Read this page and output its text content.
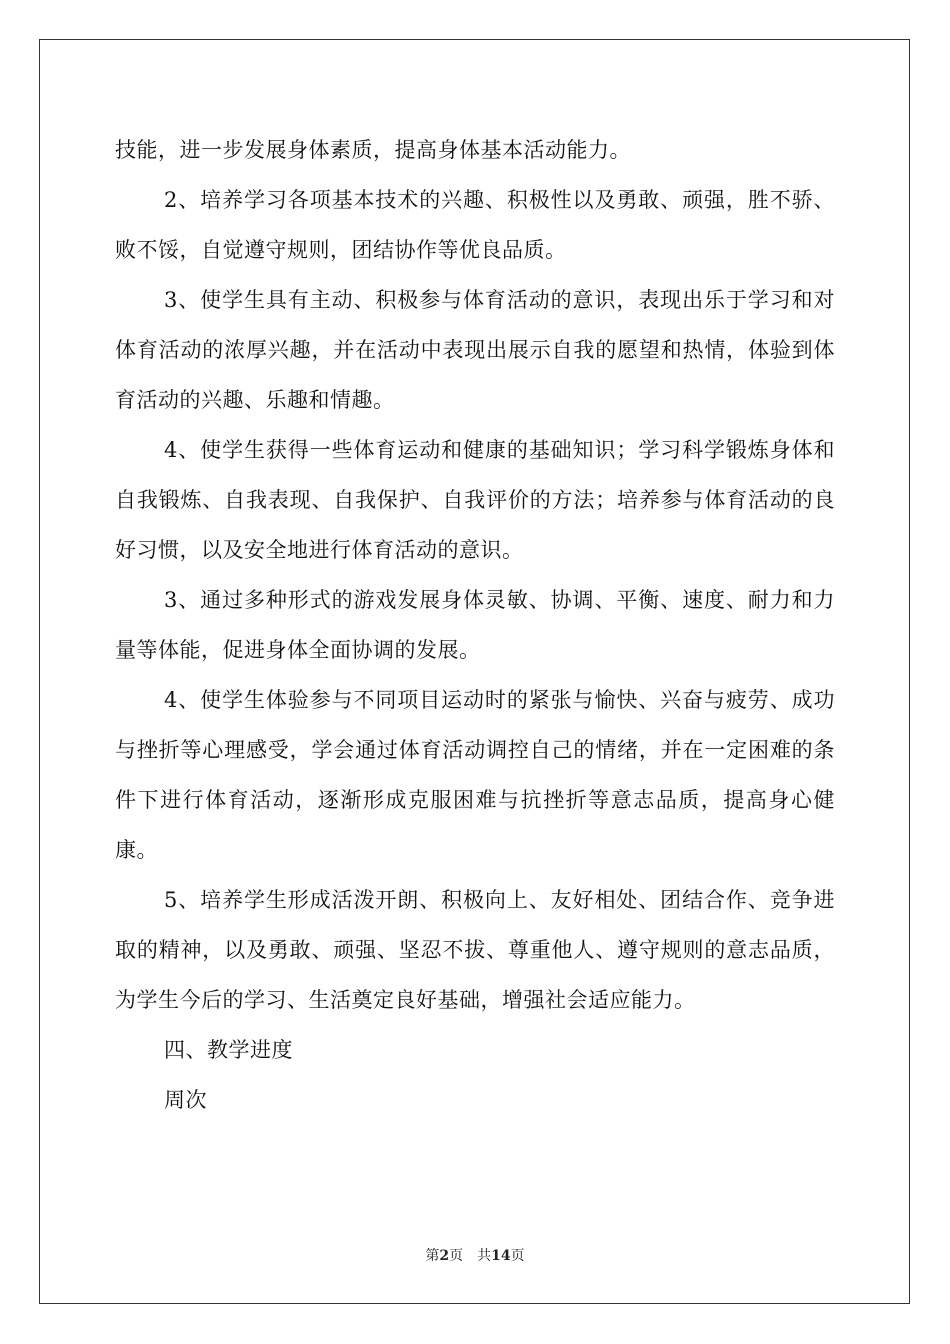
技能，进一步发展身体素质，提高身体基本活动能力。

2、培养学习各项基本技术的兴趣、积极性以及勇敢、顽强，胜不骄、败不馁，自觉遵守规则，团结协作等优良品质。

3、使学生具有主动、积极参与体育活动的意识，表现出乐于学习和对体育活动的浓厚兴趣，并在活动中表现出展示自我的愿望和热情，体验到体育活动的兴趣、乐趣和情趣。

4、使学生获得一些体育运动和健康的基础知识；学习科学锻炼身体和自我锻炼、自我表现、自我保护、自我评价的方法；培养参与体育活动的良好习惯，以及安全地进行体育活动的意识。

3、通过多种形式的游戏发展身体灵敏、协调、平衡、速度、耐力和力量等体能，促进身体全面协调的发展。

4、使学生体验参与不同项目运动时的紧张与愉快、兴奋与疲劳、成功与挫折等心理感受，学会通过体育活动调控自己的情绪，并在一定困难的条件下进行体育活动，逐渐形成克服困难与抗挫折等意志品质，提高身心健康。

5、培养学生形成活泼开朗、积极向上、友好相处、团结合作、竞争进取的精神，以及勇敢、顽强、坚忍不拔、尊重他人、遵守规则的意志品质，为学生今后的学习、生活奠定良好基础，增强社会适应能力。

四、教学进度

周次

第2页 共14页
